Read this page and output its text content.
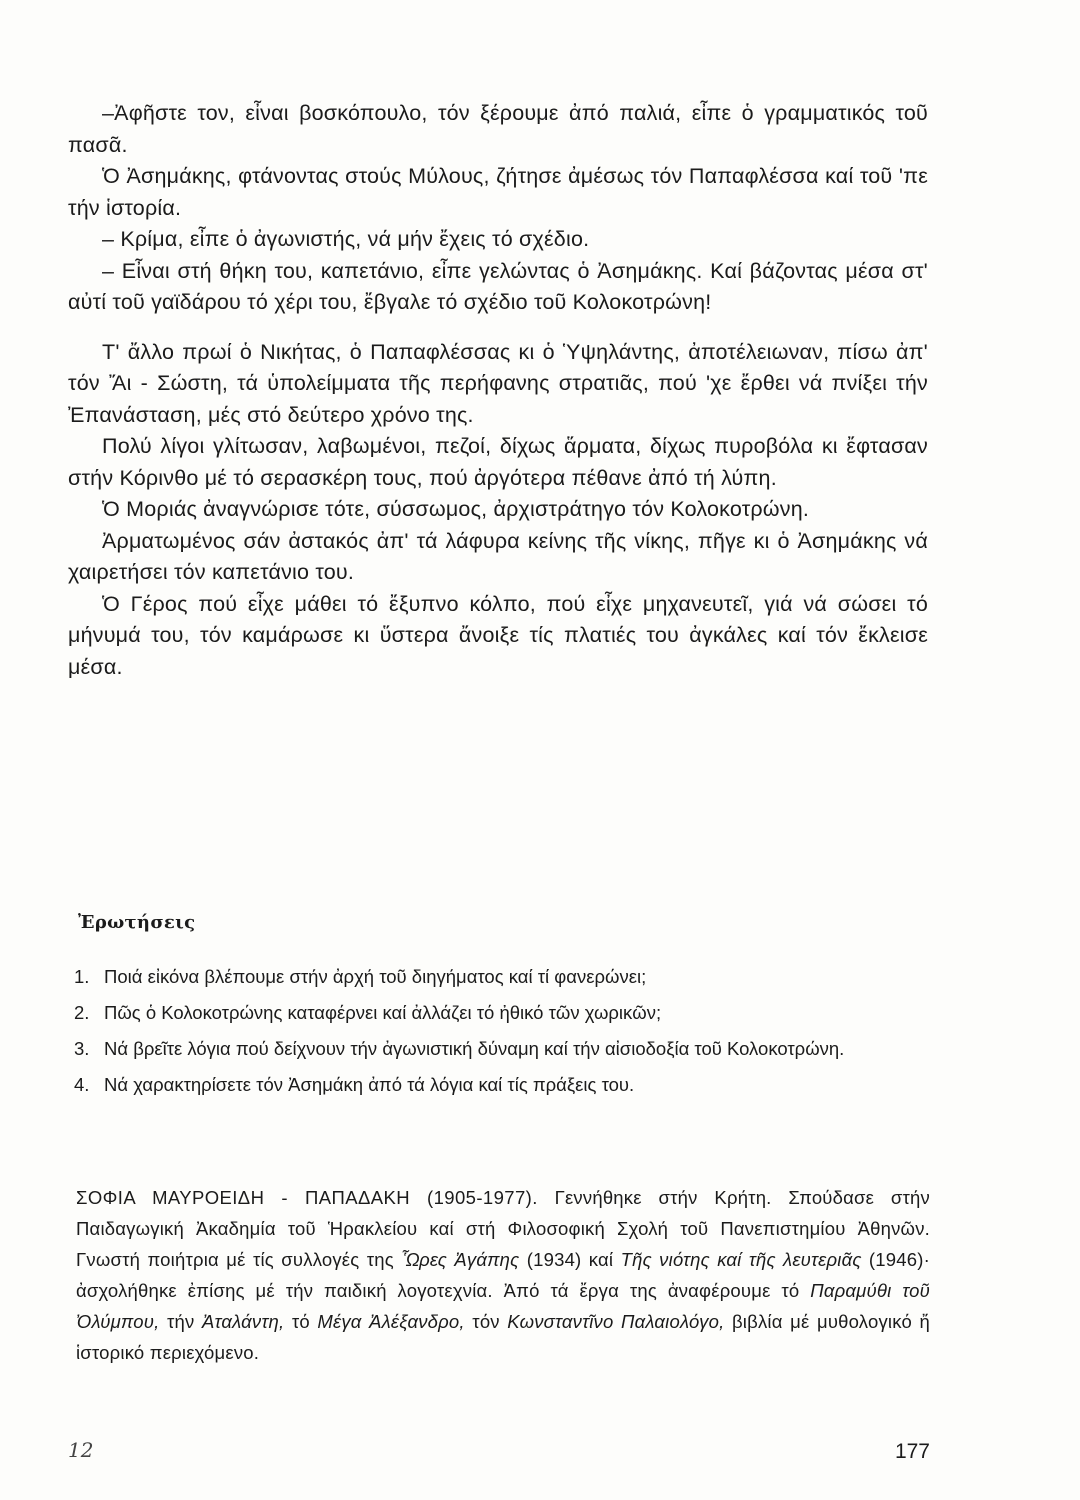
–Ἀφῆστε τον, εἶναι βοσκόπουλο, τόν ξέρουμε ἀπό παλιά, εἶπε ὁ γραμματικός τοῦ πασᾶ.

Ὁ Ἀσημάκης, φτάνοντας στούς Μύλους, ζήτησε ἀμέσως τόν Παπαφλέσσα καί τοῦ 'πε τήν ἱστορία.

– Κρίμα, εἶπε ὁ ἀγωνιστής, νά μήν ἔχεις τό σχέδιο.

– Εἶναι στή θήκη του, καπετάνιο, εἶπε γελώντας ὁ Ἀσημάκης. Καί βάζοντας μέσα στ' αὐτί τοῦ γαϊδάρου τό χέρι του, ἔβγαλε τό σχέδιο τοῦ Κολοκοτρώνη!

Τ' ἄλλο πρωί ὁ Νικήτας, ὁ Παπαφλέσσας κι ὁ Ὑψηλάντης, ἀποτέλειωναν, πίσω ἀπ' τόν Ἄι - Σώστη, τά ὑπολείμματα τῆς περήφανης στρατιᾶς, πού 'χε ἔρθει νά πνίξει τήν Ἐπανάσταση, μές στό δεύτερο χρόνο της.

Πολύ λίγοι γλίτωσαν, λαβωμένοι, πεζοί, δίχως ἅρματα, δίχως πυροβόλα κι ἔφτασαν στήν Κόρινθο μέ τό σερασκέρη τους, πού ἀργότερα πέθανε ἀπό τή λύπη.

Ὁ Μοριάς ἀναγνώρισε τότε, σύσσωμος, ἀρχιστράτηγο τόν Κολοκοτρώνη.

Ἀρματωμένος σάν ἀστακός ἀπ' τά λάφυρα κείνης τῆς νίκης, πῆγε κι ὁ Ἀσημάκης νά χαιρετήσει τόν καπετάνιο του.

Ὁ Γέρος πού εἶχε μάθει τό ἔξυπνο κόλπο, πού εἶχε μηχανευτεῖ, γιά νά σώσει τό μήνυμά του, τόν καμάρωσε κι ὕστερα ἄνοιξε τίς πλατιές του ἀγκάλες καί τόν ἔκλεισε μέσα.

Ἐρωτήσεις
1. Ποιά εἰκόνα βλέπουμε στήν ἀρχή τοῦ διηγήματος καί τί φανερώνει;
2. Πῶς ὁ Κολοκοτρώνης καταφέρνει καί ἀλλάζει τό ἠθικό τῶν χωρικῶν;
3. Νά βρεῖτε λόγια πού δείχνουν τήν ἀγωνιστική δύναμη καί τήν αἰσιοδοξία τοῦ Κολοκοτρώνη.
4. Νά χαρακτηρίσετε τόν Ἀσημάκη ἀπό τά λόγια καί τίς πράξεις του.
ΣΟΦΙΑ ΜΑΥΡΟΕΙΔΗ - ΠΑΠΑΔΑΚΗ (1905-1977). Γεννήθηκε στήν Κρήτη. Σπούδασε στήν Παιδαγωγική Ἀκαδημία τοῦ Ἡρακλείου καί στή Φιλοσοφική Σχολή τοῦ Πανεπιστημίου Ἀθηνῶν. Γνωστή ποιήτρια μέ τίς συλλογές της Ὧρες Ἀγάπης (1934) καί Τῆς νιότης καί τῆς λευτεριᾶς (1946)· ἀσχολήθηκε ἐπίσης μέ τήν παιδική λογοτεχνία. Ἀπό τά ἔργα της ἀναφέρουμε τό Παραμύθι τοῦ Ὀλύμπου, τήν Ἀταλάντη, τό Μέγα Ἀλέξανδρο, τόν Κωνσταντῖνο Παλαιολόγο, βιβλία μέ μυθολογικό ἤ ἱστορικό περιεχόμενο.
12	177
